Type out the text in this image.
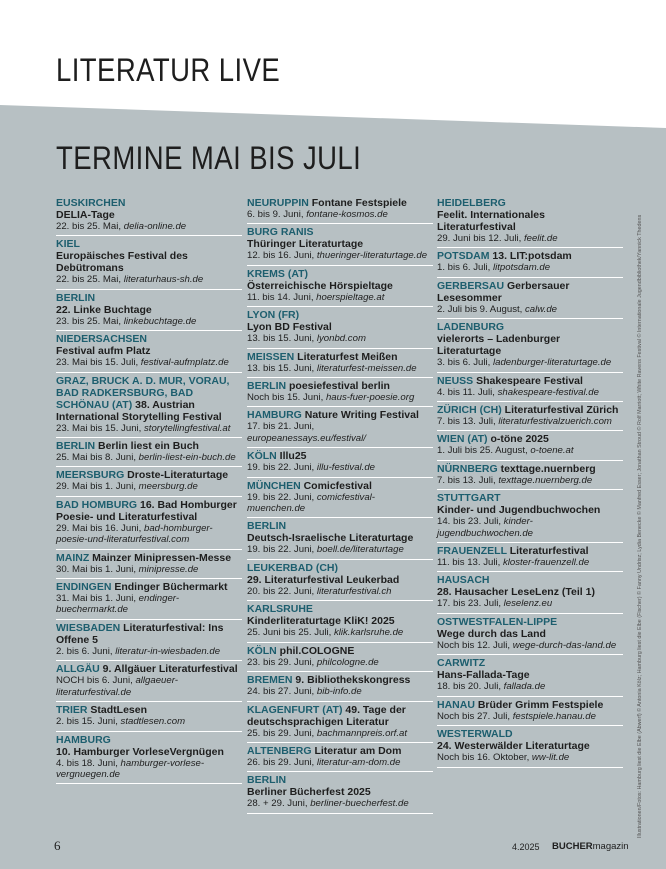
LITERATUR LIVE
TERMINE MAI BIS JULI
EUSKIRCHEN
DELIA-Tage
22. bis 25. Mai, delia-online.de
KIEL
Europäisches Festival des Debütromans
22. bis 25. Mai, literaturhaus-sh.de
BERLIN
22. Linke Buchtage
23. bis 25. Mai, linkebuchtage.de
NIEDERSACHSEN
Festival aufm Platz
23. Mai bis 15. Juli, festival-aufmplatz.de
GRAZ, BRUCK A. D. MUR, VORAU, BAD RADKERSBURG, BAD SCHÖNAU (AT) 38. Austrian International Storytelling Festival
23. Mai bis 15. Juni, storytellingfestival.at
BERLIN Berlin liest ein Buch
25. Mai bis 8. Juni, berlin-liest-ein-buch.de
MEERSBURG Droste-Literaturtage
29. Mai bis 1. Juni, meersburg.de
BAD HOMBURG 16. Bad Homburger Poesie- und Literaturfestival
29. Mai bis 16. Juni, bad-homburger-poesie-und-literaturfestival.com
MAINZ Mainzer Minipressen-Messe
30. Mai bis 1. Juni, minipresse.de
ENDINGEN Endinger Büchermarkt
31. Mai bis 1. Juni, endinger-buechermarkt.de
WIESBADEN Literaturfestival: Ins Offene 5
2. bis 6. Juni, literatur-in-wiesbaden.de
ALLGÄU 9. Allgäuer Literaturfestival
NOCH bis 6. Juni, allgaeuer-literaturfestival.de
TRIER StadtLesen
2. bis 15. Juni, stadtlesen.com
HAMBURG
10. Hamburger VorleseVergnügen
4. bis 18. Juni, hamburger-vorlese-vergnuegen.de
NEURUPPIN Fontane Festspiele
6. bis 9. Juni, fontane-kosmos.de
BURG RANIS
Thüringer Literaturtage
12. bis 16. Juni, thueringer-literaturtage.de
KREMS (AT)
Österreichische Hörspieltage
11. bis 14. Juni, hoerspieltage.at
LYON (FR)
Lyon BD Festival
13. bis 15. Juni, lyonbd.com
MEISSEN Literaturfest Meißen
13. bis 15. Juni, literaturfest-meissen.de
BERLIN poesiefestival berlin
Noch bis 15. Juni, haus-fuer-poesie.org
HAMBURG Nature Writing Festival
17. bis 21. Juni, europeanessays.eu/festival/
KÖLN Illu25
19. bis 22. Juni, illu-festival.de
MÜNCHEN Comicfestival
19. bis 22. Juni, comicfestival-muenchen.de
BERLIN
Deutsch-Israelische Literaturtage
19. bis 22. Juni, boell.de/literaturtage
LEUKERBAD (CH)
29. Literaturfestival Leukerbad
20. bis 22. Juni, literaturfestival.ch
KARLSRUHE
Kinderliteraturtage KliK! 2025
25. Juni bis 25. Juli, klik.karlsruhe.de
KÖLN phil.COLOGNE
23. bis 29. Juni, philcologne.de
BREMEN 9. Bibliothekskongress
24. bis 27. Juni, bib-info.de
KLAGENFURT (AT) 49. Tage der deutschsprachigen Literatur
25. bis 29. Juni, bachmannpreis.orf.at
ALTENBERG Literatur am Dom
26. bis 29. Juni, literatur-am-dom.de
BERLIN
Berliner Bücherfest 2025
28. + 29. Juni, berliner-buecherfest.de
HEIDELBERG
Feelit. Internationales Literaturfestival
29. Juni bis 12. Juli, feelit.de
POTSDAM 13. LIT:potsdam
1. bis 6. Juli, litpotsdam.de
GERBERSAU Gerbersauer Lesesommer
2. Juli bis 9. August, calw.de
LADENBURG
vielerorts – Ladenburger Literaturtage
3. bis 6. Juli, ladenburger-literaturtage.de
NEUSS Shakespeare Festival
4. bis 11. Juli, shakespeare-festival.de
ZÜRICH (CH) Literaturfestival Zürich
7. bis 13. Juli, literaturfestivalzuerich.com
WIEN (AT) o-töne 2025
1. Juli bis 25. August, o-toene.at
NÜRNBERG texttage.nuernberg
7. bis 13. Juli, texttage.nuernberg.de
STUTTGART
Kinder- und Jugendbuchwochen
14. bis 23. Juli, kinder-jugendbuchwochen.de
FRAUENZELL Literaturfestival
11. bis 13. Juli, kloster-frauenzell.de
HAUSACH
28. Hausacher LeseLenz (Teil 1)
17. bis 23. Juli, leselenz.eu
OSTWESTFALEN-LIPPE
Wege durch das Land
Noch bis 12. Juli, wege-durch-das-land.de
CARWITZ
Hans-Fallada-Tage
18. bis 20. Juli, fallada.de
HANAU Brüder Grimm Festspiele
Noch bis 27. Juli, festspiele.hanau.de
WESTERWALD
24. Westerwälder Literaturtage
Noch bis 16. Oktober, ww-lit.de	Illustrationen/Fotos: Hamburg liest die Elbe (Abwerf) © Antonia Kölz; Hamburg liest die Elbe (Fischer) © Fanny Undrisz; Lydia Benecke © Manfred Esser; Jonathan Stroud © Rolf Marriott; White Ravens Festival © Internationale Jugendbibliothek/Yannick Thedens
6	4.2025 BUCHERmagazin
